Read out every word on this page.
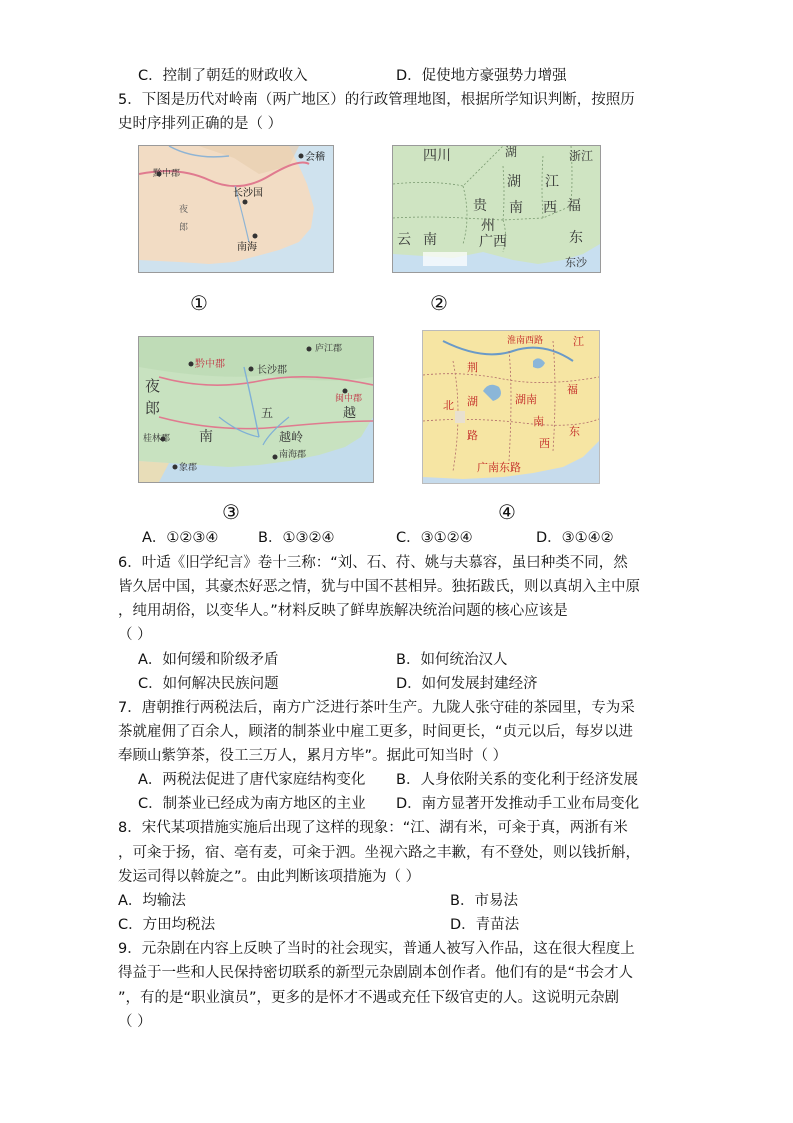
C．控制了朝廷的财政收入	D．促使地方豪强势力增强
5．下图是历代对岭南（两广地区）的行政管理地图，根据所学知识判断，按照历
史时序排列正确的是（ ）
会稽
黔中郡
夜
郎
长沙国
南海
①
四川	湖	浙江
湖 江
贵
州
南 西 福
云 南	广西	东
东沙
②
黔中郡
庐江郡
长沙郡
夜
郎	五
闽中郡
越
桂林郡 南	越岭
南海郡
象郡
③
淮南西路	江
荆
湖
北
路
湖南
南
西
福
东
广南东路
④
A．①②③④	B．①③②④	C．③①②④	D．③①④②
6．叶适《旧学纪言》卷十三称：“刘、石、苻、姚与夫慕容，虽曰种类不同，然
皆久居中国，其豪杰好恶之情，犹与中国不甚相异。独拓跋氏，则以真胡入主中原
，纯用胡俗，以变华人。”材料反映了鲜卑族解决统治问题的核心应该是
（ ）
A．如何缓和阶级矛盾	B．如何统治汉人
C．如何解决民族问题	D．如何发展封建经济
7．唐朝推行两税法后，南方广泛进行茶叶生产。九陇人张守硅的茶园里，专为采
茶就雇佣了百余人，顾渚的制茶业中雇工更多，时间更长，“贞元以后，每岁以进
奉顾山紫笋茶，役工三万人，累月方毕”。据此可知当时（ ）
A．两税法促进了唐代家庭结构变化 B．人身依附关系的变化利于经济发展
C．制茶业已经成为南方地区的主业 D．南方显著开发推动手工业布局变化
8．宋代某项措施实施后出现了这样的现象：“江、湖有米，可籴于真，两浙有米
，可籴于扬，宿、亳有麦，可籴于泗。坐视六路之丰歉，有不登处，则以钱折斛，
发运司得以斡旋之”。由此判断该项措施为（ ）
A．均输法	B．市易法
C．方田均税法	D．青苗法
9．元杂剧在内容上反映了当时的社会现实，普通人被写入作品，这在很大程度上
得益于一些和人民保持密切联系的新型元杂剧剧本创作者。他们有的是“书会才人
”，有的是“职业演员”，更多的是怀才不遇或充任下级官吏的人。这说明元杂剧
（ ）
